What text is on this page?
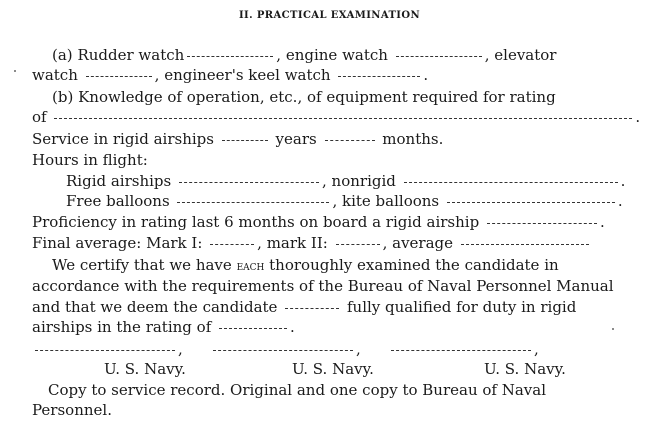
II. PRACTICAL EXAMINATION
(a) Rudder watch	, engine watch	, elevator
watch	, engineer's keel watch	.
(b) Knowledge of operation, etc., of equipment required for rating
of	.
Service in rigid airships	years	months.
Hours in flight:
Rigid airships	, nonrigid	.
Free balloons	, kite balloons	.
Proficiency in rating last 6 months on board a rigid airship	.
Final average: Mark I:	, mark II:	, average
We certify that we have each thoroughly examined the candidate in
accordance with the requirements of the Bureau of Naval Personnel Manual
and that we deem the candidate	fully qualified for duty in rigid
airships in the rating of	.
,	,	,
U. S. Navy.	U. S. Navy.	U. S. Navy.
Copy to service record. Original and one copy to Bureau of Naval
Personnel.
